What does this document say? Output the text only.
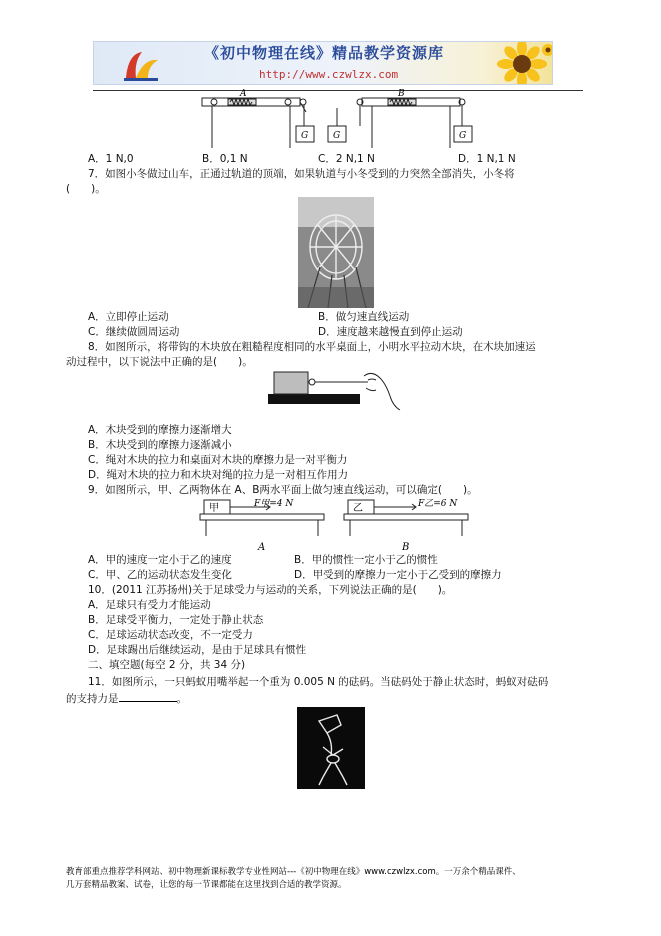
《初中物理在线》精品教学资源库
http://www.czwlzx.com
A	B
G	G	G
A．1 N,0	B．0,1 N	C．2 N,1 N	D．1 N,1 N
7．如图小冬做过山车，正通过轨道的顶端，如果轨道与小冬受到的力突然全部消失，小冬将
(　　)。
A．立即停止运动	B．做匀速直线运动
C．继续做圆周运动	D．速度越来越慢直到停止运动
8．如图所示，将带钩的木块放在粗糙程度相同的水平桌面上，小明水平拉动木块，在木块加速运
动过程中，以下说法中正确的是(　　)。
A．木块受到的摩擦力逐渐增大
B．木块受到的摩擦力逐渐减小
C．绳对木块的拉力和桌面对木块的摩擦力是一对平衡力
D．绳对木块的拉力和木块对绳的拉力是一对相互作用力
9．如图所示，甲、乙两物体在 A、B两水平面上做匀速直线运动，可以确定(　　)。
甲	乙
F甲=4 N	F乙=6 N
A	B
A．甲的速度一定小于乙的速度	B．甲的惯性一定小于乙的惯性
C．甲、乙的运动状态发生变化	D．甲受到的摩擦力一定小于乙受到的摩擦力
10．(2011 江苏扬州)关于足球受力与运动的关系，下列说法正确的是(　　)。
A．足球只有受力才能运动
B．足球受平衡力，一定处于静止状态
C．足球运动状态改变，不一定受力
D．足球踢出后继续运动，是由于足球具有惯性
二、填空题(每空 2 分，共 34 分)
11．如图所示，一只蚂蚁用嘴举起一个重为 0.005 N 的砝码。当砝码处于静止状态时，蚂蚁对砝码
的支持力是	。
教育部重点推荐学科网站、初中物理新课标教学专业性网站---《初中物理在线》www.czwlzx.com。一万余个精品课件、
几万套精品教案、试卷，让您的每一节课都能在这里找到合适的教学资源。
